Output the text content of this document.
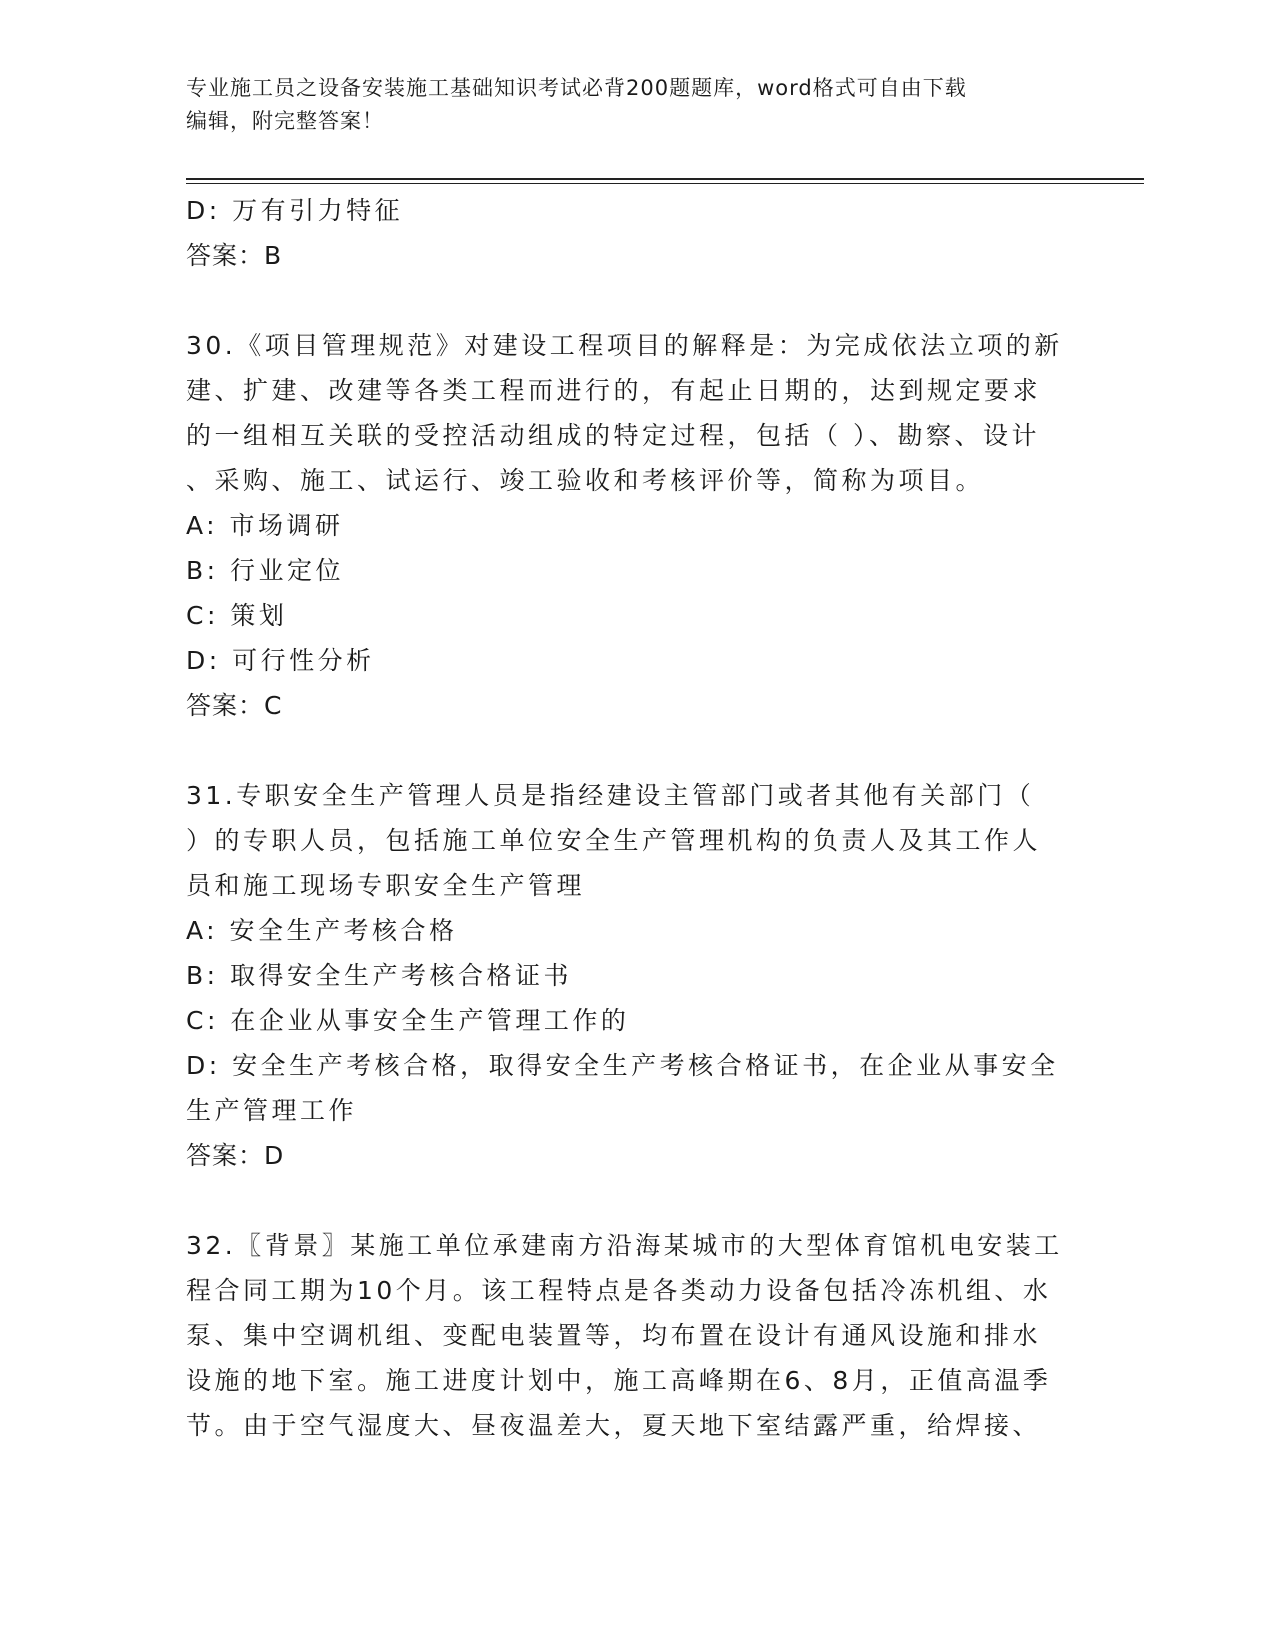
专业施工员之设备安装施工基础知识考试必背200题题库，word格式可自由下载
编辑，附完整答案！
D: 万有引力特征
答案：B
30.《项目管理规范》对建设工程项目的解释是：为完成依法立项的新
建、扩建、改建等各类工程而进行的，有起止日期的，达到规定要求
的一组相互关联的受控活动组成的特定过程，包括（ ）、勘察、设计
、采购、施工、试运行、竣工验收和考核评价等，简称为项目。
A: 市场调研
B: 行业定位
C: 策划
D: 可行性分析
答案：C
31.专职安全生产管理人员是指经建设主管部门或者其他有关部门（
）的专职人员，包括施工单位安全生产管理机构的负责人及其工作人
员和施工现场专职安全生产管理
A: 安全生产考核合格
B: 取得安全生产考核合格证书
C: 在企业从事安全生产管理工作的
D: 安全生产考核合格，取得安全生产考核合格证书，在企业从事安全
生产管理工作
答案：D
32.〖背景〗某施工单位承建南方沿海某城市的大型体育馆机电安装工
程合同工期为10个月。该工程特点是各类动力设备包括冷冻机组、水
泵、集中空调机组、变配电装置等，均布置在设计有通风设施和排水
设施的地下室。施工进度计划中，施工高峰期在6、8月，正值高温季
节。由于空气湿度大、昼夜温差大，夏天地下室结露严重，给焊接、
